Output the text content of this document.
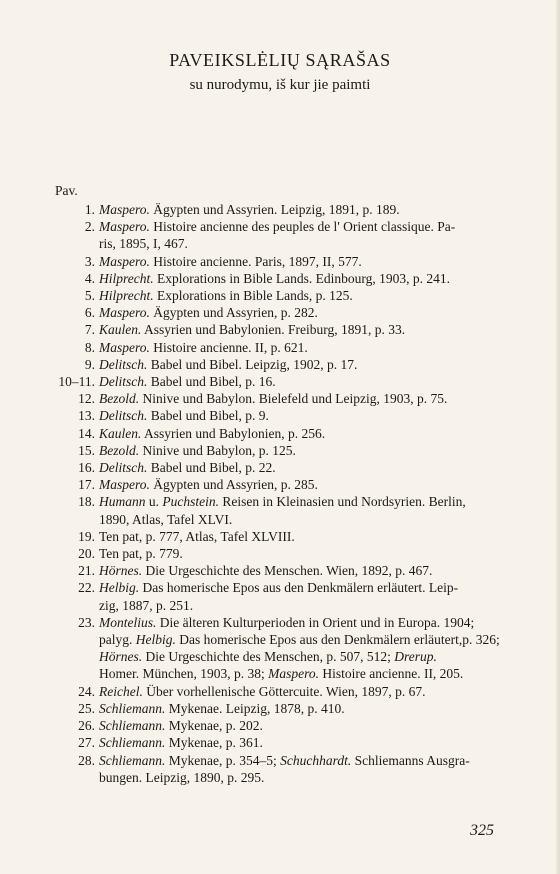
PAVEIKSLĖLIŲ SĄRAŠAS
su nurodymu, iš kur jie paimti
Pav.
1. Maspero. Ägypten und Assyrien. Leipzig, 1891, p. 189.
2. Maspero. Histoire ancienne des peuples de l' Orient classique. Pa-
ris, 1895, I, 467.
3. Maspero. Histoire ancienne. Paris, 1897, II, 577.
4. Hilprecht. Explorations in Bible Lands. Edinbourg, 1903, p. 241.
5. Hilprecht. Explorations in Bible Lands, p. 125.
6. Maspero. Ägypten und Assyrien, p. 282.
7. Kaulen. Assyrien und Babylonien. Freiburg, 1891, p. 33.
8. Maspero. Histoire ancienne. II, p. 621.
9. Delitsch. Babel und Bibel. Leipzig, 1902, p. 17.
10–11. Delitsch. Babel und Bibel, p. 16.
12. Bezold. Ninive und Babylon. Bielefeld und Leipzig, 1903, p. 75.
13. Delitsch. Babel und Bibel, p. 9.
14. Kaulen. Assyrien und Babylonien, p. 256.
15. Bezold. Ninive und Babylon, p. 125.
16. Delitsch. Babel und Bibel, p. 22.
17. Maspero. Ägypten und Assyrien, p. 285.
18. Humann u. Puchstein. Reisen in Kleinasien und Nordsyrien. Berlin,
1890, Atlas, Tafel XLVI.
19. Ten pat, p. 777, Atlas, Tafel XLVIII.
20. Ten pat, p. 779.
21. Hörnes. Die Urgeschichte des Menschen. Wien, 1892, p. 467.
22. Helbig. Das homerische Epos aus den Denkmälern erläutert. Leip-
zig, 1887, p. 251.
23. Montelius. Die älteren Kulturperioden in Orient und in Europa. 1904;
palyg. Helbig. Das homerische Epos aus den Denkmälern erläutert,p. 326;
Hörnes. Die Urgeschichte des Menschen, p. 507, 512; Drerup.
Homer. München, 1903, p. 38; Maspero. Histoire ancienne. II, 205.
24. Reichel. Über vorhellenische Göttercuite. Wien, 1897, p. 67.
25. Schliemann. Mykenae. Leipzig, 1878, p. 410.
26. Schliemann. Mykenae, p. 202.
27. Schliemann. Mykenae, p. 361.
28. Schliemann. Mykenae, p. 354–5; Schuchhardt. Schliemanns Ausgra-
bungen. Leipzig, 1890, p. 295.
325
